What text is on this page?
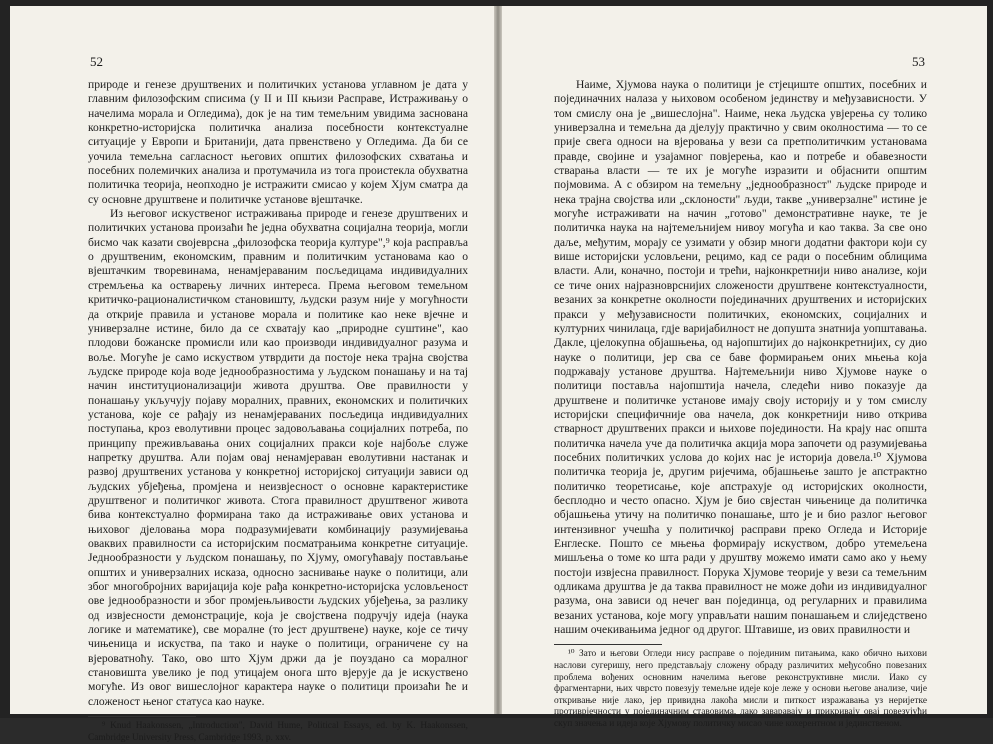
52

природе и генезе друштвених и политичких установа углавном је дата у главним филозофским списима (у II и III књизи Расправе, Истраживању о начелима морала и Огледима), док је на тим темељним увидима заснована конкретно-историјска политичка анализа посебности контекстуалне ситуације у Европи и Британији, дата првенствено у Огледима. Да би се уочила темељна сагласност његових општих филозофских схватања и посебних полемичких анализа и протумачила из тога проистекла обухватна политичка теорија, неопходно је истражити смисао у којем Хјум сматра да су основне друштвене и политичке установе вјештачке.

Из његовог искуственог истраживања природе и генезе друштвених и политичких установа произаћи ће једна обухватна социјална теорија, могли бисмо чак казати својеврсна „филозофска теорија културе",⁹ која расправља о друштвеним, економским, правним и политичким установама као о вјештачким творевинама, ненамјераваним посљедицама индивидуалних стремљења ка остварењу личних интереса. Према његовом темељном критичко-рационалистичком становишту, људски разум није у могућности да открије правила и установе морала и политике као неке вјечне и универзалне истине, било да се схватају као „природне суштине", као плодови божанске промисли или као производи индивидуалног разума и воље. Могуће је само искуством утврдити да постоје нека трајна својства људске природе која воде једнообразностима у људском понашању и на тај начин институционализацији живота друштва. Ове правилности у понашању укључују појаву моралних, правних, економских и политичких установа, које се рађају из ненамјераваних посљедица индивидуалних поступања, кроз еволутивни процес задовољавања социјалних потреба, по принципу преживљавања оних социјалних пракси које најбоље служе напретку друштва. Али појам овај ненамјераван еволутивни настанак и развој друштвених установа у конкретној историјској ситуацији зависи од људских убјеђења, промјена и неизвјесност о основне карактеристике друштвеног и политичког живота. Стога правилност друштвеног живота бива контекстуално формирана тако да истраживање ових установа и њиховог дјеловања мора подразумијевати комбинацију разумијевања оваквих правилности са историјским посматрањима конкретне ситуације. Једнообразности у људском понашању, по Хјуму, омогућавају постављање општих и универзалних исказа, односно заснивање науке о политици, али због многобројних варијација које рађа конкретно-историјска условљеност ове једнообразности и због промјењљивости људских убјеђења, за разлику од извјесности демонстрације, која је својствена подручју идеја (наука логике и математике), све моралне (то јест друштвене) науке, које се тичу чињеница и искуства, па тако и науке о политици, ограничене су на вјероватноћу. Тако, ово што Хјум држи да је поуздано са моралног становишта увелико је под утицајем оногa што вјерује да је искуствено могуће. Из овог вишеслојног карактера науке о политици произаћи ће и сложеност њеног статуса као науке.

⁹ Knud Haakonssen, „Introduction", David Hume, Political Essays, ed. by K. Haakonssen, Cambridge University Press, Cambridge 1993, p. xxv.

53

Наиме, Хјумова наука о политици је стјециште општих, посебних и појединачних налаза у њиховом особеном јединству и међузависности. У том смислу она је „вишеслојна". Наиме, нека људска увјерења су толико универзална и темељна да дјелују практично у свим околностима — то се прије свега односи на вјеровања у вези са претполитичким установама правде, својине и узајамног повјерења, као и потребе и обавезности стварања власти — те их је могуће изразити и објаснити општим појмовима. А с обзиром на темељну „једнообразност" људске природе и нека трајна својства или „склоности" људи, такве „универзалне" истине је могуће истраживати на начин „готово" демонстративне науке, те је политичка наука на најтемељнијем нивоу могућа и као таква. За све оно даље, међутим, морају се узимати у обзир многи додатни фактори који су више историјски условљени, рецимо, кад се ради о посебним облицима власти. Али, коначно, постоји и трећи, најконкретнији ниво анализе, који се тиче оних најразноврснијих сложености друштвене контекстуалности, везаних за конкретне околности појединачних друштвених и историјских пракси у међузависности политичких, економских, социјалних и културних чинилаца, гдје варијабилност не допушта знатнија уопштавања. Дакле, цјелокупна објашњења, од најопштијих до најконкретнијих, су дио науке о политици, јер сва се баве формирањем оних мњења која подржавају установе друштва. Најтемељнији ниво Хјумове науке о политици поставља најопштија начела, следећи ниво показује да друштвене и политичке установе имају своју историју и у том смислу историјски специфичније ова начела, док конкретнији ниво открива стварност друштвених пракси и њихове појединости. На крају нас општа политичка начела уче да политичка акција мора започети од разумијевања посебних политичких услова до којих нас је историја довела.¹⁰ Хјумова политичка теорија је, другим ријечима, објашњење зашто је апстрактно политичко теоретисање, које апстрахује од историјских околности, бесплодно и често опасно. Хјум је био свјестан чињенице да политичка објашњења утичу на политичко понашање, што је и био разлог његовог интензивног учешћа у политичкој расправи преко Огледа и Историје Енглеске. Пошто се мњења формирају искуством, добро утемељена мишљења о томе ко шта ради у друштву можемо имати само ако у њему постоји извјесна правилност. Порука Хјумове теорије у вези са темељним одликама друштва је да таква правилност не може доћи из индивидуалног разума, она зависи од нечег ван појединца, од регуларних и правилима везаних установа, које могу управљати нашим понашањем и слиједствено нашим очекивањима једног од другог. Штавише, из ових правилности и

¹⁰ Зато и његови Огледи нису расправе о појединим питањима, како обично њихови наслови сугеришу, него представљају сложену обраду различитих међусобно повезаних проблема вођених основним начелима његове реконструктивне мисли. Иако су фрагментарни, њих чврсто повезују темељне идеје које леже у основи његове анализе, чије откривање није лако, јер привидна лакоћа мисли и питкост изражавања уз неријетке противрјечности у појединачним ставовима, лако заваравају и прикривају овај повезујући скуп значења и идеја које Хјумову политичку мисао чине кохерентном и јединственом.
